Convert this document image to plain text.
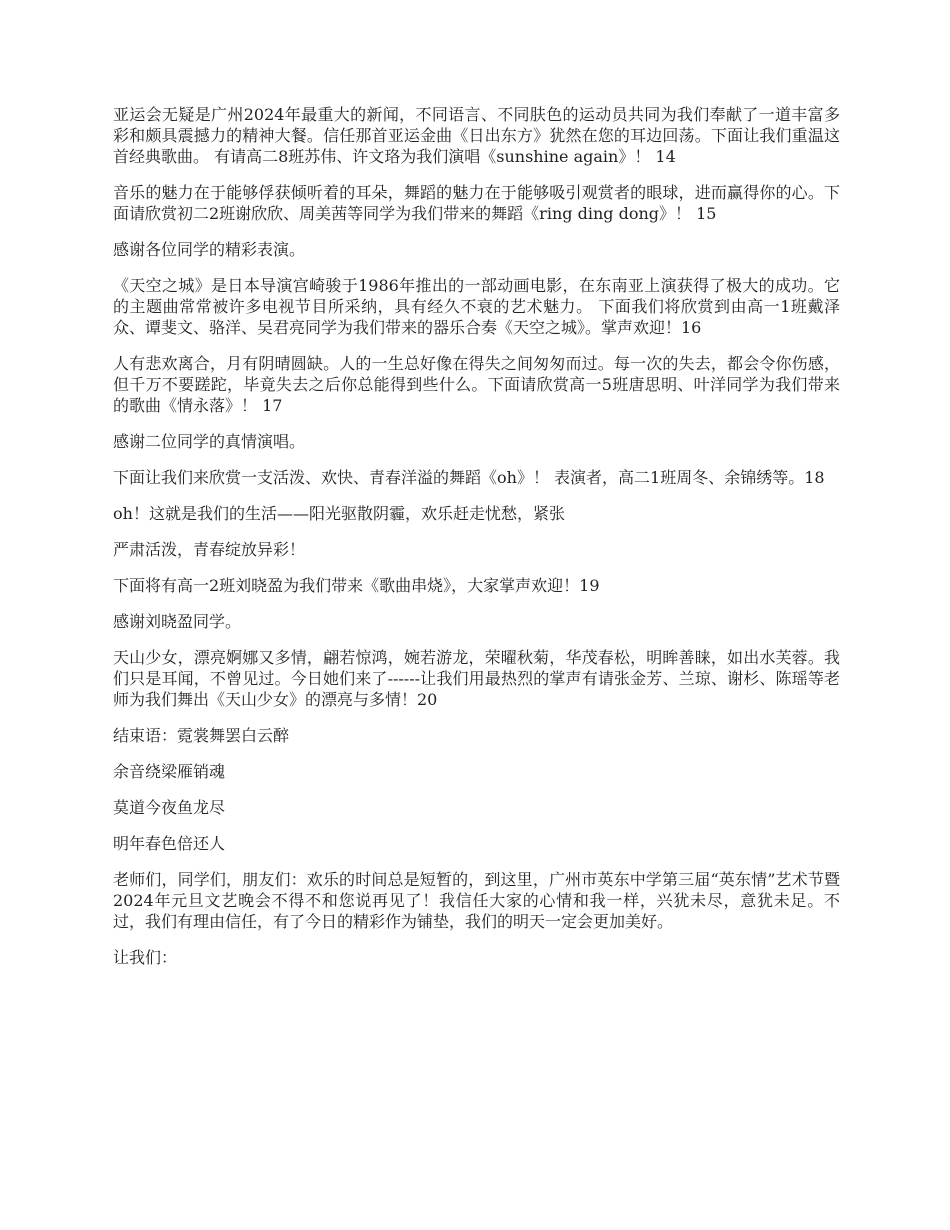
亚运会无疑是广州2024年最重大的新闻，不同语言、不同肤色的运动员共同为我们奉献了一道丰富多彩和颇具震撼力的精神大餐。信任那首亚运金曲《日出东方》犹然在您的耳边回荡。下面让我们重温这首经典歌曲。 有请高二8班苏伟、许文珞为我们演唱《sunshine again》！ 14

音乐的魅力在于能够俘获倾听着的耳朵，舞蹈的魅力在于能够吸引观赏者的眼球，进而赢得你的心。下面请欣赏初二2班谢欣欣、周美茜等同学为我们带来的舞蹈《ring ding dong》！ 15

感谢各位同学的精彩表演。

《天空之城》是日本导演宫崎骏于1986年推出的一部动画电影，在东南亚上演获得了极大的成功。它的主题曲常常被许多电视节目所采纳，具有经久不衰的艺术魅力。 下面我们将欣赏到由高一1班戴泽众、谭斐文、骆洋、吴君亮同学为我们带来的器乐合奏《天空之城》。掌声欢迎！16

人有悲欢离合，月有阴晴圆缺。人的一生总好像在得失之间匆匆而过。每一次的失去，都会令你伤感，但千万不要蹉跎，毕竟失去之后你总能得到些什么。下面请欣赏高一5班唐思明、叶洋同学为我们带来的歌曲《情永落》！ 17

感谢二位同学的真情演唱。

下面让我们来欣赏一支活泼、欢快、青春洋溢的舞蹈《oh》！ 表演者，高二1班周冬、余锦绣等。18

oh！这就是我们的生活——阳光驱散阴霾，欢乐赶走忧愁，紧张

严肃活泼，青春绽放异彩！

下面将有高一2班刘晓盈为我们带来《歌曲串烧》，大家掌声欢迎！19

感谢刘晓盈同学。

天山少女，漂亮婀娜又多情，翩若惊鸿，婉若游龙，荣曜秋菊，华茂春松，明眸善睐，如出水芙蓉。我们只是耳闻，不曾见过。今日她们来了------让我们用最热烈的掌声有请张金芳、兰琼、谢杉、陈瑶等老师为我们舞出《天山少女》的漂亮与多情！20

结束语：霓裳舞罢白云醉

余音绕梁雁销魂

莫道今夜鱼龙尽

明年春色倍还人

老师们，同学们，朋友们：欢乐的时间总是短暂的，到这里，广州市英东中学第三届“英东情”艺术节暨2024年元旦文艺晚会不得不和您说再见了！我信任大家的心情和我一样，兴犹未尽，意犹未足。不过，我们有理由信任，有了今日的精彩作为铺垫，我们的明天一定会更加美好。

让我们：
